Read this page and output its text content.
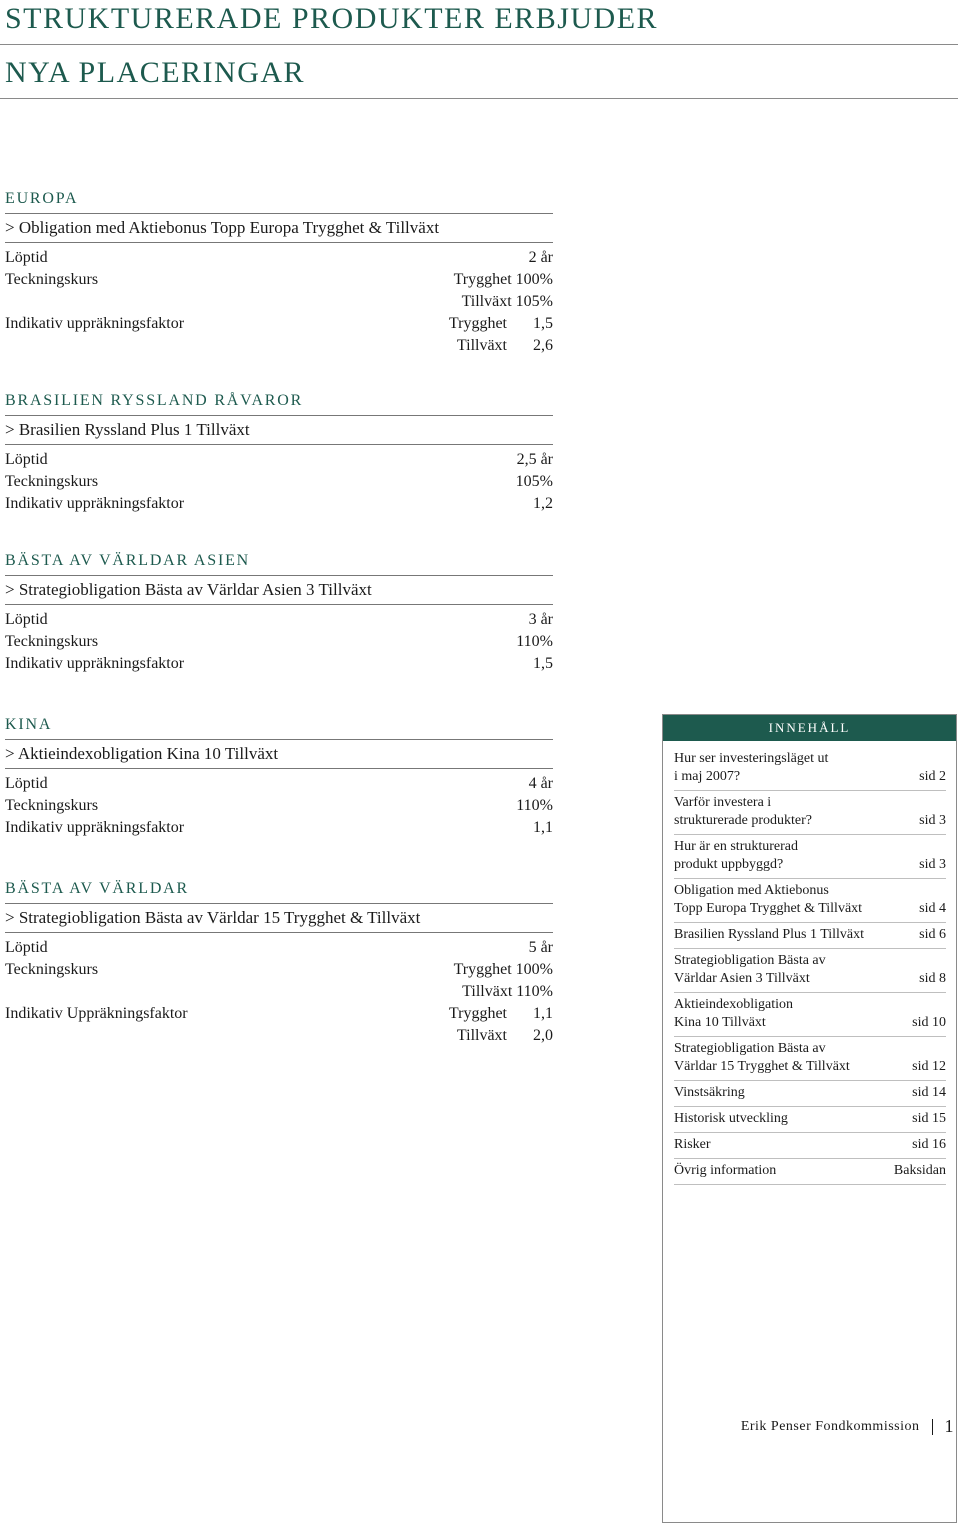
STRUKTURERADE PRODUKTER ERBJUDER
NYA PLACERINGAR
EUROPA
> Obligation med Aktiebonus Topp Europa Trygghet & Tillväxt
Löptid	2 år
Teckningskurs	Trygghet 100%
Tillväxt 105%
Indikativ uppräkningsfaktor	Trygghet	1,5
Tillväxt	2,6
BRASILIEN RYSSLAND RÅVAROR
> Brasilien Ryssland Plus 1 Tillväxt
Löptid	2,5 år
Teckningskurs	105%
Indikativ uppräkningsfaktor	1,2
BÄSTA AV VÄRLDAR ASIEN
> Strategiobligation Bästa av Världar Asien 3 Tillväxt
Löptid	3 år
Teckningskurs	110%
Indikativ uppräkningsfaktor	1,5
KINA
> Aktieindexobligation Kina 10 Tillväxt
Löptid	4 år
Teckningskurs	110%
Indikativ uppräkningsfaktor	1,1
BÄSTA AV VÄRLDAR
> Strategiobligation Bästa av Världar 15 Trygghet & Tillväxt
Löptid	5 år
Teckningskurs	Trygghet 100%
Tillväxt 110%
Indikativ Uppräkningsfaktor	Trygghet	1,1
Tillväxt	2,0
INNEHÅLL
Hur ser investeringsläget ut
i maj 2007?	sid 2
Varför investera i
strukturerade produkter?	sid 3
Hur är en strukturerad
produkt uppbyggd?	sid 3
Obligation med Aktiebonus
Topp Europa Trygghet & Tillväxt	sid 4
Brasilien Ryssland Plus 1 Tillväxt	sid 6
Strategiobligation Bästa av
Världar Asien 3 Tillväxt	sid 8
Aktieindexobligation
Kina 10 Tillväxt	sid 10
Strategiobligation Bästa av
Världar 15 Trygghet & Tillväxt	sid 12
Vinstsäkring	sid 14
Historisk utveckling	sid 15
Risker	sid 16
Övrig information	Baksidan
Erik Penser Fondkommission 1
